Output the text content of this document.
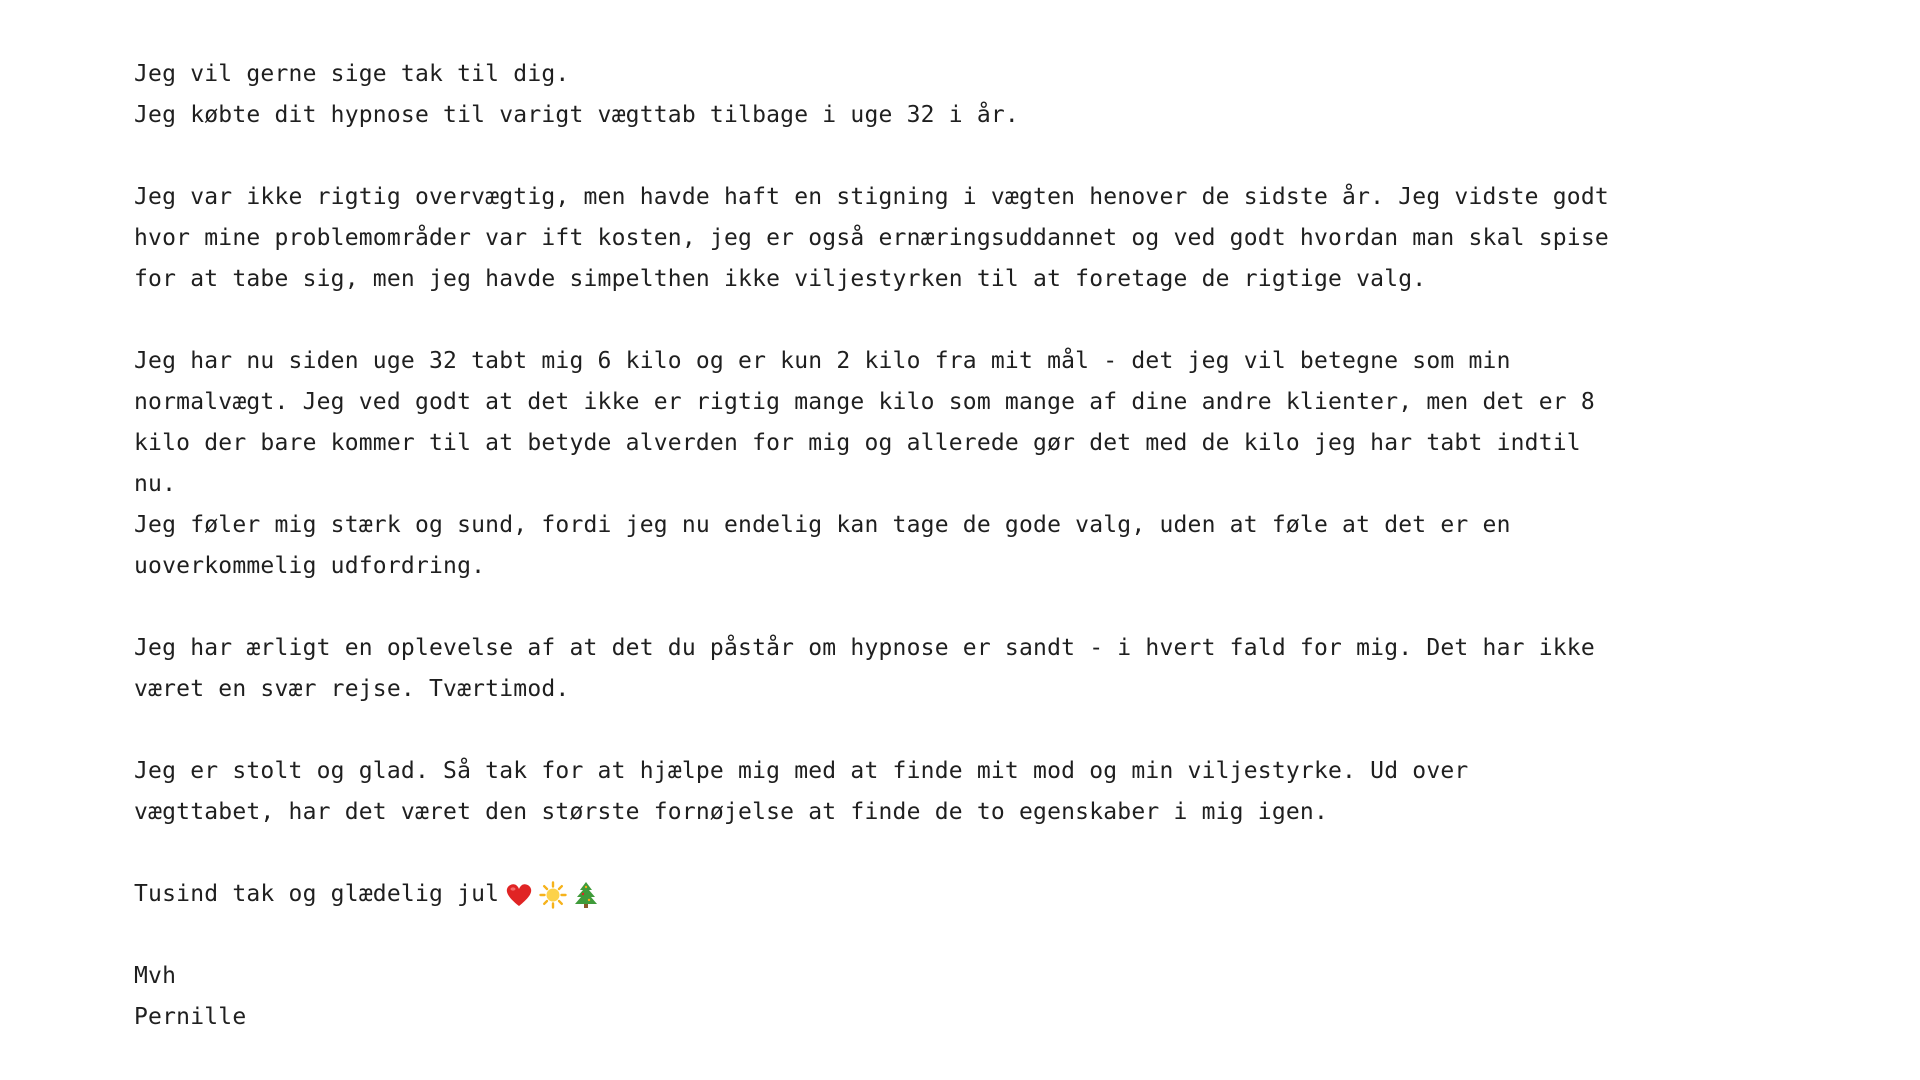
Jeg vil gerne sige tak til dig.

Jeg købte dit hypnose til varigt vægttab tilbage i uge 32 i år.

Jeg var ikke rigtig overvægtig, men havde haft en stigning i vægten henover de sidste år. Jeg vidste godt

hvor mine problemområder var ift kosten, jeg er også ernæringsuddannet og ved godt hvordan man skal spise

for at tabe sig, men jeg havde simpelthen ikke viljestyrken til at foretage de rigtige valg.

Jeg har nu siden uge 32 tabt mig 6 kilo og er kun 2 kilo fra mit mål - det jeg vil betegne som min

normalvægt. Jeg ved godt at det ikke er rigtig mange kilo som mange af dine andre klienter, men det er 8

kilo der bare kommer til at betyde alverden for mig og allerede gør det med de kilo jeg har tabt indtil

nu.

Jeg føler mig stærk og sund, fordi jeg nu endelig kan tage de gode valg, uden at føle at det er en

uoverkommelig udfordring.

Jeg har ærligt en oplevelse af at det du påstår om hypnose er sandt - i hvert fald for mig. Det har ikke

været en svær rejse. Tværtimod.

Jeg er stolt og glad. Så tak for at hjælpe mig med at finde mit mod og min viljestyrke. Ud over

vægttabet, har det været den største fornøjelse at finde de to egenskaber i mig igen.

Tusind tak og glædelig jul

Mvh

Pernille
